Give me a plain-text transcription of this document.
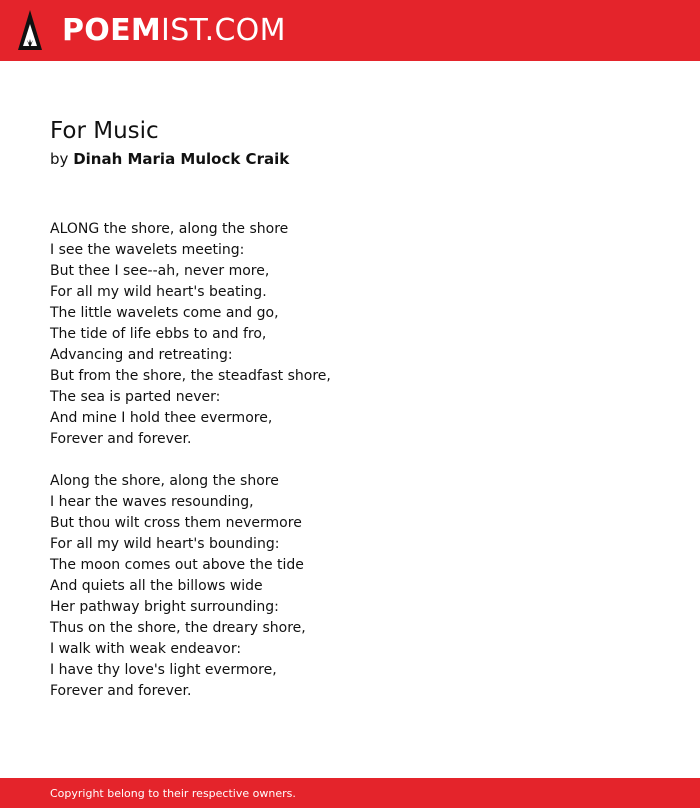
POEMIST.COM
For Music
by Dinah Maria Mulock Craik
ALONG the shore, along the shore
I see the wavelets meeting:
But thee I see--ah, never more,
For all my wild heart's beating.
The little wavelets come and go,
The tide of life ebbs to and fro,
Advancing and retreating:
But from the shore, the steadfast shore,
The sea is parted never:
And mine I hold thee evermore,
Forever and forever.
Along the shore, along the shore
I hear the waves resounding,
But thou wilt cross them nevermore
For all my wild heart's bounding:
The moon comes out above the tide
And quiets all the billows wide
Her pathway bright surrounding:
Thus on the shore, the dreary shore,
I walk with weak endeavor:
I have thy love's light evermore,
Forever and forever.
Copyright belong to their respective owners.
